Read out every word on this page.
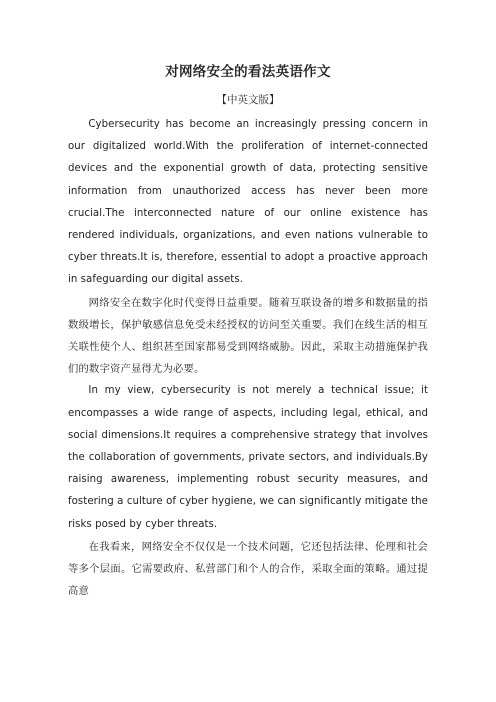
对网络安全的看法英语作文
【中英文版】

Cybersecurity has become an increasingly pressing concern in our digitalized world.With the proliferation of internet-connected devices and the exponential growth of data, protecting sensitive information from unauthorized access has never been more crucial.The interconnected nature of our online existence has rendered individuals, organizations, and even nations vulnerable to cyber threats.It is, therefore, essential to adopt a proactive approach in safeguarding our digital assets.

网络安全在数字化时代变得日益重要。随着互联设备的增多和数据量的指数级增长，保护敏感信息免受未经授权的访问至关重要。我们在线生活的相互关联性使个人、组织甚至国家都易受到网络威胁。因此，采取主动措施保护我们的数字资产显得尤为必要。

In my view, cybersecurity is not merely a technical issue; it encompasses a wide range of aspects, including legal, ethical, and social dimensions.It requires a comprehensive strategy that involves the collaboration of governments, private sectors, and individuals.By raising awareness, implementing robust security measures, and fostering a culture of cyber hygiene, we can significantly mitigate the risks posed by cyber threats.

在我看来，网络安全不仅仅是一个技术问题，它还包括法律、伦理和社会等多个层面。它需要政府、私营部门和个人的合作，采取全面的策略。通过提高意
